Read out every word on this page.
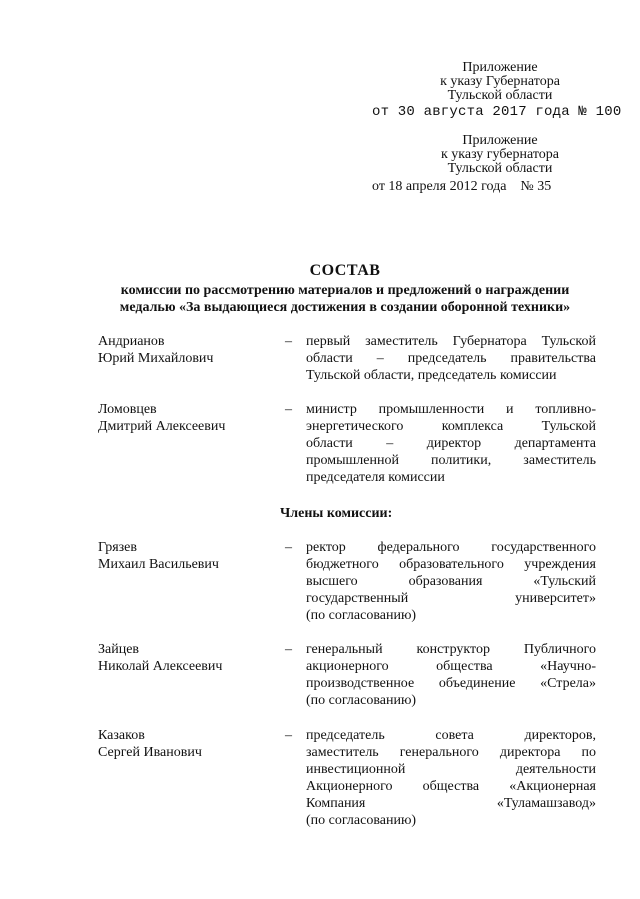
Приложение
к указу Губернатора
Тульской области
от 30 августа 2017 года № 100
Приложение
к указу губернатора
Тульской области
от 18 апреля 2012 года № 35
СОСТАВ
комиссии по рассмотрению материалов и предложений о награждении
медалью «За выдающиеся достижения в создании оборонной техники»
Андрианов
Юрий Михайлович
– первый заместитель Губернатора Тульской
области – председатель правительства
Тульской области, председатель комиссии
Ломовцев
Дмитрий Алексеевич
– министр промышленности и топливно-
энергетического комплекса Тульской
области – директор департамента
промышленной политики, заместитель
председателя комиссии
Члены комиссии:
Грязев
Михаил Васильевич
– ректор федерального государственного
бюджетного образовательного учреждения
высшего образования «Тульский
государственный университет»
(по согласованию)
Зайцев
Николай Алексеевич
– генеральный конструктор Публичного
акционерного общества «Научно-
производственное объединение «Стрела»
(по согласованию)
Казаков
Сергей Иванович
– председатель совета директоров,
заместитель генерального директора по
инвестиционной деятельности
Акционерного общества «Акционерная
Компания «Туламашзавод»
(по согласованию)
